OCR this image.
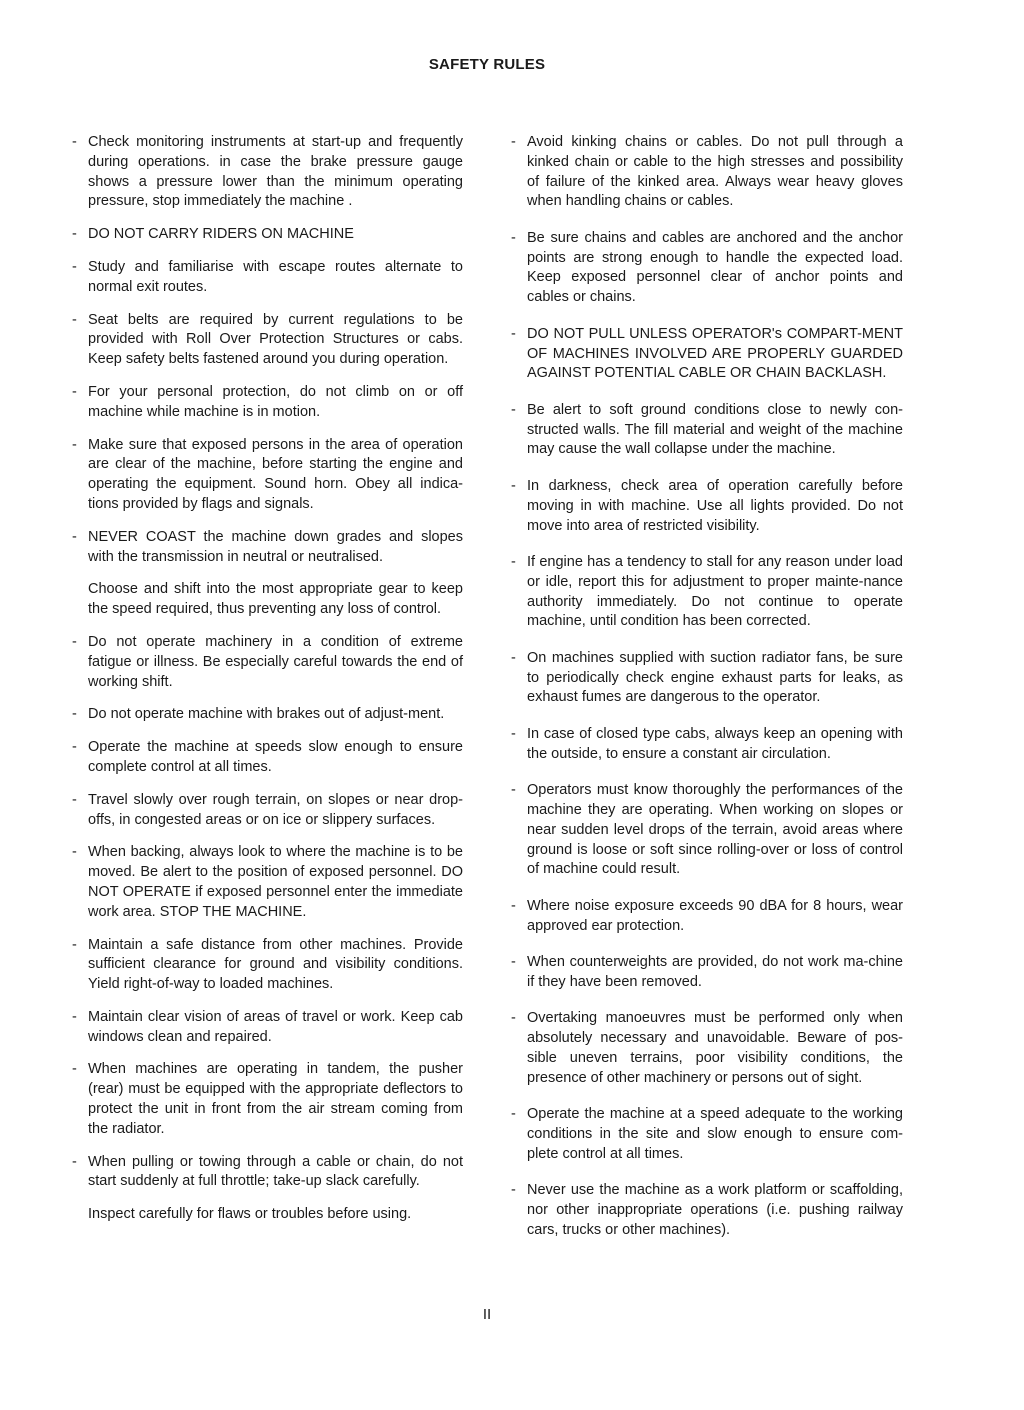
SAFETY RULES

- Check monitoring instruments at start-up and frequently during operations. in case the brake pressure gauge shows a pressure lower than the minimum operating pressure, stop immediately the machine .

- DO NOT CARRY RIDERS ON MACHINE

- Study and familiarise with escape routes alternate to normal exit routes.

- Seat belts are required by current regulations to be provided with Roll Over Protection Structures or cabs. Keep safety belts fastened around you during operation.

- For your personal protection, do not climb on or off machine while machine is in motion.

- Make sure that exposed persons in the area of operation are clear of the machine, before starting the engine and operating the equipment. Sound horn. Obey all indica-tions provided by flags and signals.

- NEVER COAST the machine down grades and slopes with the transmission in neutral or neutralised.

Choose and shift into the most appropriate gear to keep the speed required, thus preventing any loss of control.

- Do not operate machinery in a condition of extreme fatigue or illness. Be especially careful towards the end of working shift.

- Do not operate machine with brakes out of adjust-ment.

- Operate the machine at speeds slow enough to ensure complete control at all times.

- Travel slowly over rough terrain, on slopes or near drop-offs, in congested areas or on ice or slippery surfaces.

- When backing, always look to where the machine is to be moved. Be alert to the position of exposed personnel. DO NOT OPERATE if exposed personnel enter the immediate work area. STOP THE MACHINE.

- Maintain a safe distance from other machines. Provide sufficient clearance for ground and visibility conditions. Yield right-of-way to loaded machines.

- Maintain clear vision of areas of travel or work. Keep cab windows clean and repaired.

- When machines are operating in tandem, the pusher (rear) must be equipped with the appropriate deflectors to protect the unit in front from the air stream coming from the radiator.

- When pulling or towing through a cable or chain, do not start suddenly at full throttle; take-up slack carefully.

Inspect carefully for flaws or troubles before using.

- Avoid kinking chains or cables. Do not pull through a kinked chain or cable to the high stresses and possibility of failure of the kinked area. Always wear heavy gloves when handling chains or cables.

- Be sure chains and cables are anchored and the anchor points are strong enough to handle the expected load. Keep exposed personnel clear of anchor points and cables or chains.

- DO NOT PULL UNLESS OPERATOR's COMPART-MENT OF MACHINES INVOLVED ARE PROPERLY GUARDED AGAINST POTENTIAL CABLE OR CHAIN BACKLASH.

- Be alert to soft ground conditions close to newly con-structed walls. The fill material and weight of the machine may cause the wall collapse under the machine.

- In darkness, check area of operation carefully before moving in with machine. Use all lights provided. Do not move into area of restricted visibility.

- If engine has a tendency to stall for any reason under load or idle, report this for adjustment to proper mainte-nance authority immediately. Do not continue to operate machine, until condition has been corrected.

- On machines supplied with suction radiator fans, be sure to periodically check engine exhaust parts for leaks, as exhaust fumes are dangerous to the operator.

- In case of closed type cabs, always keep an opening with the outside, to ensure a constant air circulation.

- Operators must know thoroughly the performances of the machine they are operating. When working on slopes or near sudden level drops of the terrain, avoid areas where ground is loose or soft since rolling-over or loss of control of machine could result.

- Where noise exposure exceeds 90 dBA for 8 hours, wear approved ear protection.

- When counterweights are provided, do not work ma-chine if they have been removed.

- Overtaking manoeuvres must be performed only when absolutely necessary and unavoidable. Beware of pos-sible uneven terrains, poor visibility conditions, the presence of other machinery or persons out of sight.

- Operate the machine at a speed adequate to the working conditions in the site and slow enough to ensure com-plete control at all times.

- Never use the machine as a work platform or scaffolding, nor other inappropriate operations (i.e. pushing railway cars, trucks or other machines).

II
